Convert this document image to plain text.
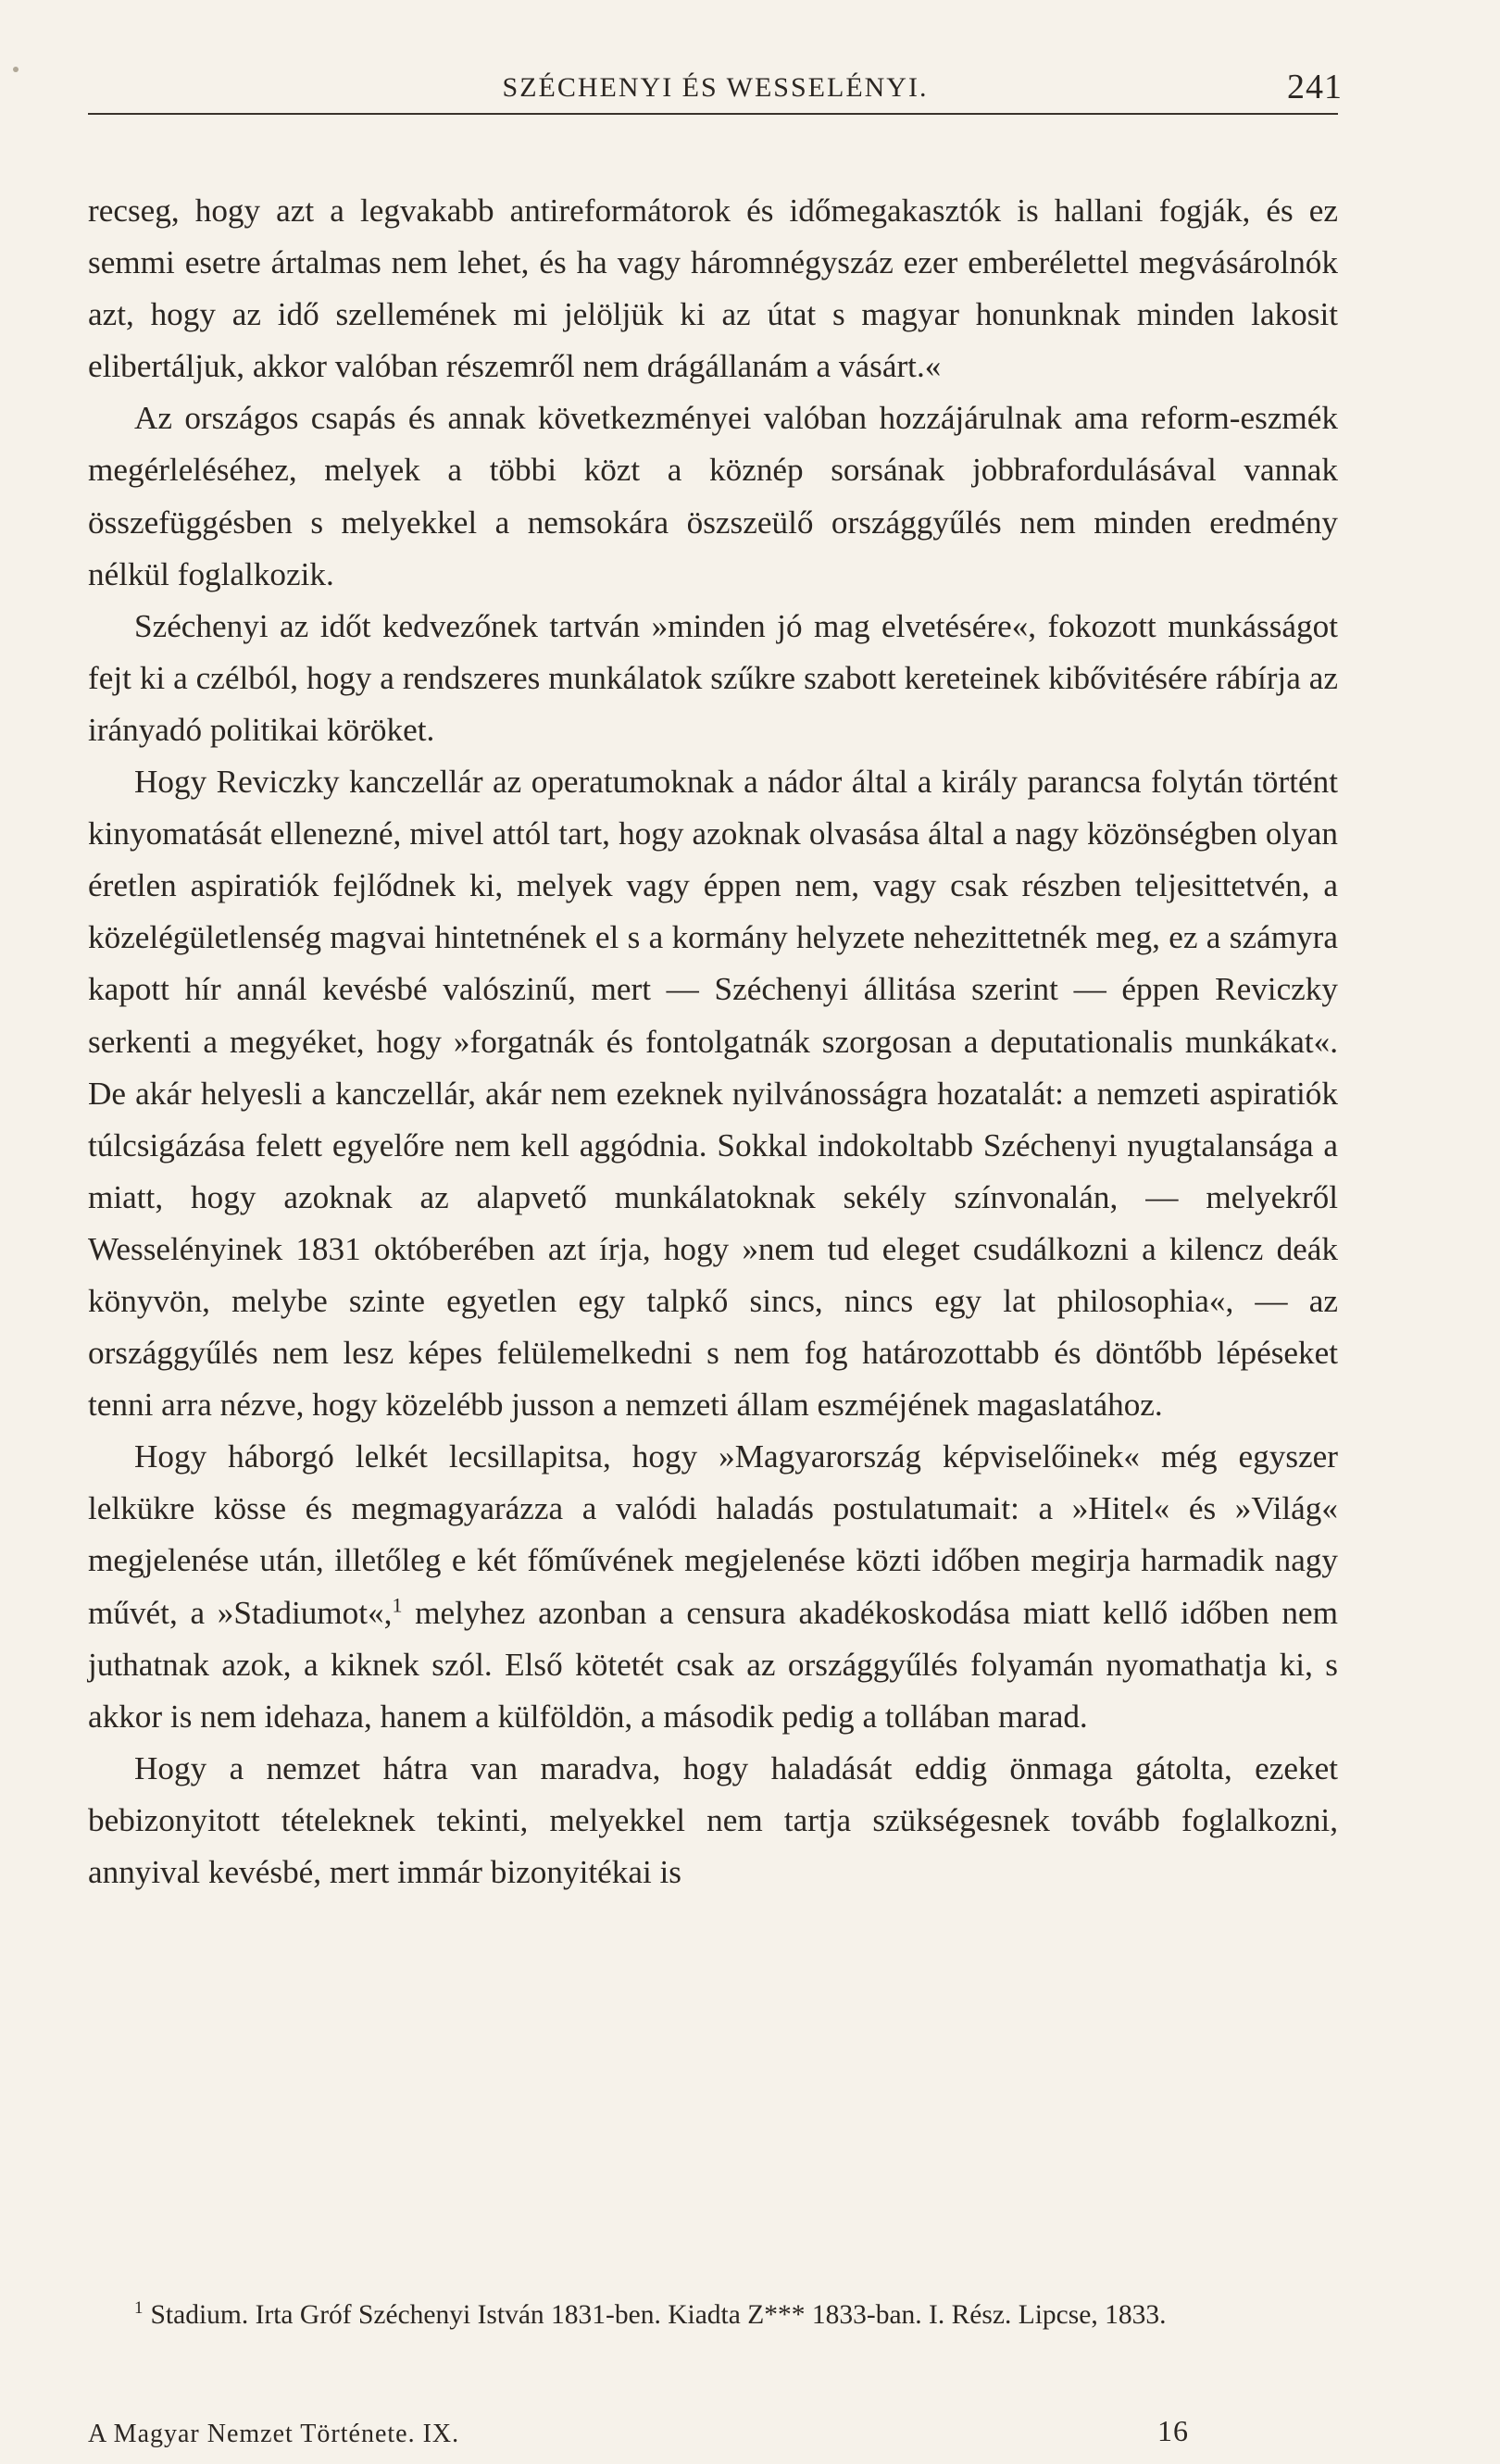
SZÉCHENYI ÉS WESSELÉNYI.	241

recseg, hogy azt a legvakabb antireformátorok és időmegakasztók is hallani fogják, és ez semmi esetre ártalmas nem lehet, és ha vagy háromnégyszáz ezer emberélettel megvásárolnók azt, hogy az idő szellemének mi jelöljük ki az útat s magyar honunknak minden lakosit elibertáljuk, akkor valóban részemről nem drágállanám a vásárt.«

Az országos csapás és annak következményei valóban hozzájárulnak ama reform-eszmék megérleléséhez, melyek a többi közt a köznép sorsának jobbrafordulásával vannak összefüggésben s melyekkel a nemsokára öszszeülő országgyűlés nem minden eredmény nélkül foglalkozik.

Széchenyi az időt kedvezőnek tartván »minden jó mag elvetésére«, fokozott munkásságot fejt ki a czélból, hogy a rendszeres munkálatok szűkre szabott kereteinek kibővitésére rábírja az irányadó politikai köröket.

Hogy Reviczky kanczellár az operatumoknak a nádor által a király parancsa folytán történt kinyomatását ellenezné, mivel attól tart, hogy azoknak olvasása által a nagy közönségben olyan éretlen aspiratiók fejlődnek ki, melyek vagy éppen nem, vagy csak részben teljesittetvén, a közelégületlenség magvai hintetnének el s a kormány helyzete nehezittetnék meg, ez a számyra kapott hír annál kevésbé valószinű, mert — Széchenyi állitása szerint — éppen Reviczky serkenti a megyéket, hogy »forgatnák és fontolgatnák szorgosan a deputationalis munkákat«. De akár helyesli a kanczellár, akár nem ezeknek nyilvánosságra hozatalát: a nemzeti aspiratiók túlcsigázása felett egyelőre nem kell aggódnia. Sokkal indokoltabb Széchenyi nyugtalansága a miatt, hogy azoknak az alapvető munkálatoknak sekély színvonalán, — melyekről Wesselényinek 1831 októberében azt írja, hogy »nem tud eleget csudálkozni a kilencz deák könyvön, melybe szinte egyetlen egy talpkő sincs, nincs egy lat philosophia«, — az országgyűlés nem lesz képes felülemelkedni s nem fog határozottabb és döntőbb lépéseket tenni arra nézve, hogy közelébb jusson a nemzeti állam eszméjének magaslatához.

Hogy háborgó lelkét lecsillapitsa, hogy »Magyarország képviselőinek« még egyszer lelkükre kösse és megmagyarázza a valódi haladás postulatumait: a »Hitel« és »Világ« megjelenése után, illetőleg e két főművének megjelenése közti időben megirja harmadik nagy művét, a »Stadiumot«,$^1$ melyhez azonban a censura akadékoskodása miatt kellő időben nem juthatnak azok, a kiknek szól. Első kötetét csak az országgyűlés folyamán nyomathatja ki, s akkor is nem idehaza, hanem a külföldön, a második pedig a tollában marad.

Hogy a nemzet hátra van maradva, hogy haladását eddig önmaga gátolta, ezeket bebizonyitott tételeknek tekinti, melyekkel nem tartja szükségesnek tovább foglalkozni, annyival kevésbé, mert immár bizonyitékai is

$^1$ Stadium. Irta Gróf Széchenyi István 1831-ben. Kiadta Z*** 1833-ban. I. Rész. Lipcse, 1833.

A Magyar Nemzet Története. IX.	16
